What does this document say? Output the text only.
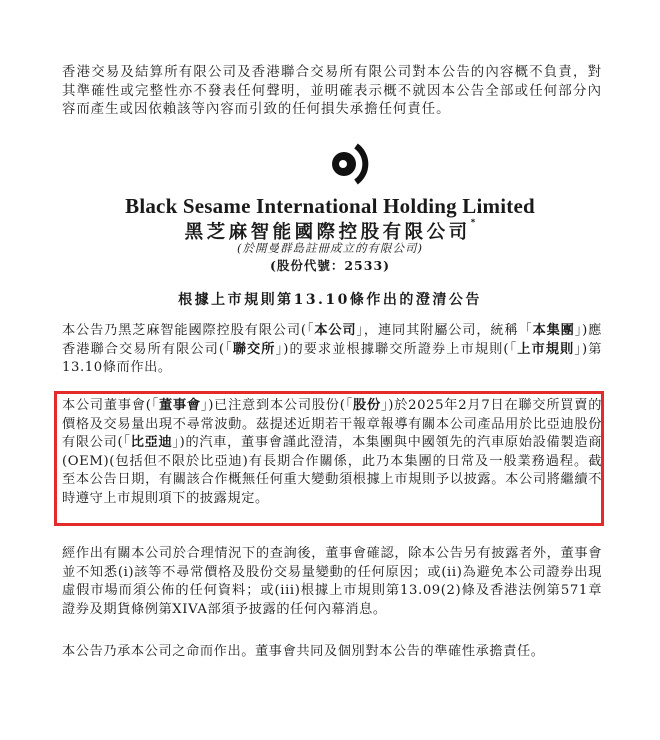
香港交易及結算所有限公司及香港聯合交易所有限公司對本公告的內容概不負責，對其準確性或完整性亦不發表任何聲明，並明確表示概不就因本公告全部或任何部分內容而產生或因依賴該等內容而引致的任何損失承擔任何責任。

Black Sesame International Holding Limited
黑芝麻智能國際控股有限公司*
(於開曼群島註冊成立的有限公司)
(股份代號：2533)
根據上市規則第13.10條作出的澄清公告

本公告乃黑芝麻智能國際控股有限公司(「本公司」，連同其附屬公司，統稱「本集團」)應香港聯合交易所有限公司(「聯交所」)的要求並根據聯交所證券上市規則(「上市規則」)第13.10條而作出。

本公司董事會(「董事會」)已注意到本公司股份(「股份」)於2025年2月7日在聯交所買賣的價格及交易量出現不尋常波動。茲提述近期若干報章報導有關本公司產品用於比亞迪股份有限公司(「比亞迪」)的汽車，董事會謹此澄清，本集團與中國領先的汽車原始設備製造商(OEM)(包括但不限於比亞迪)有長期合作關係，此乃本集團的日常及一般業務過程。截至本公告日期，有關該合作概無任何重大變動須根據上市規則予以披露。本公司將繼續不時遵守上市規則項下的披露規定。

經作出有關本公司於合理情況下的查詢後，董事會確認，除本公告另有披露者外，董事會並不知悉(i)該等不尋常價格及股份交易量變動的任何原因；或(ii)為避免本公司證券出現虛假市場而須公佈的任何資料；或(iii)根據上市規則第13.09(2)條及香港法例第571章證券及期貨條例第XIVA部須予披露的任何內幕消息。

本公告乃承本公司之命而作出。董事會共同及個別對本公告的準確性承擔責任。
